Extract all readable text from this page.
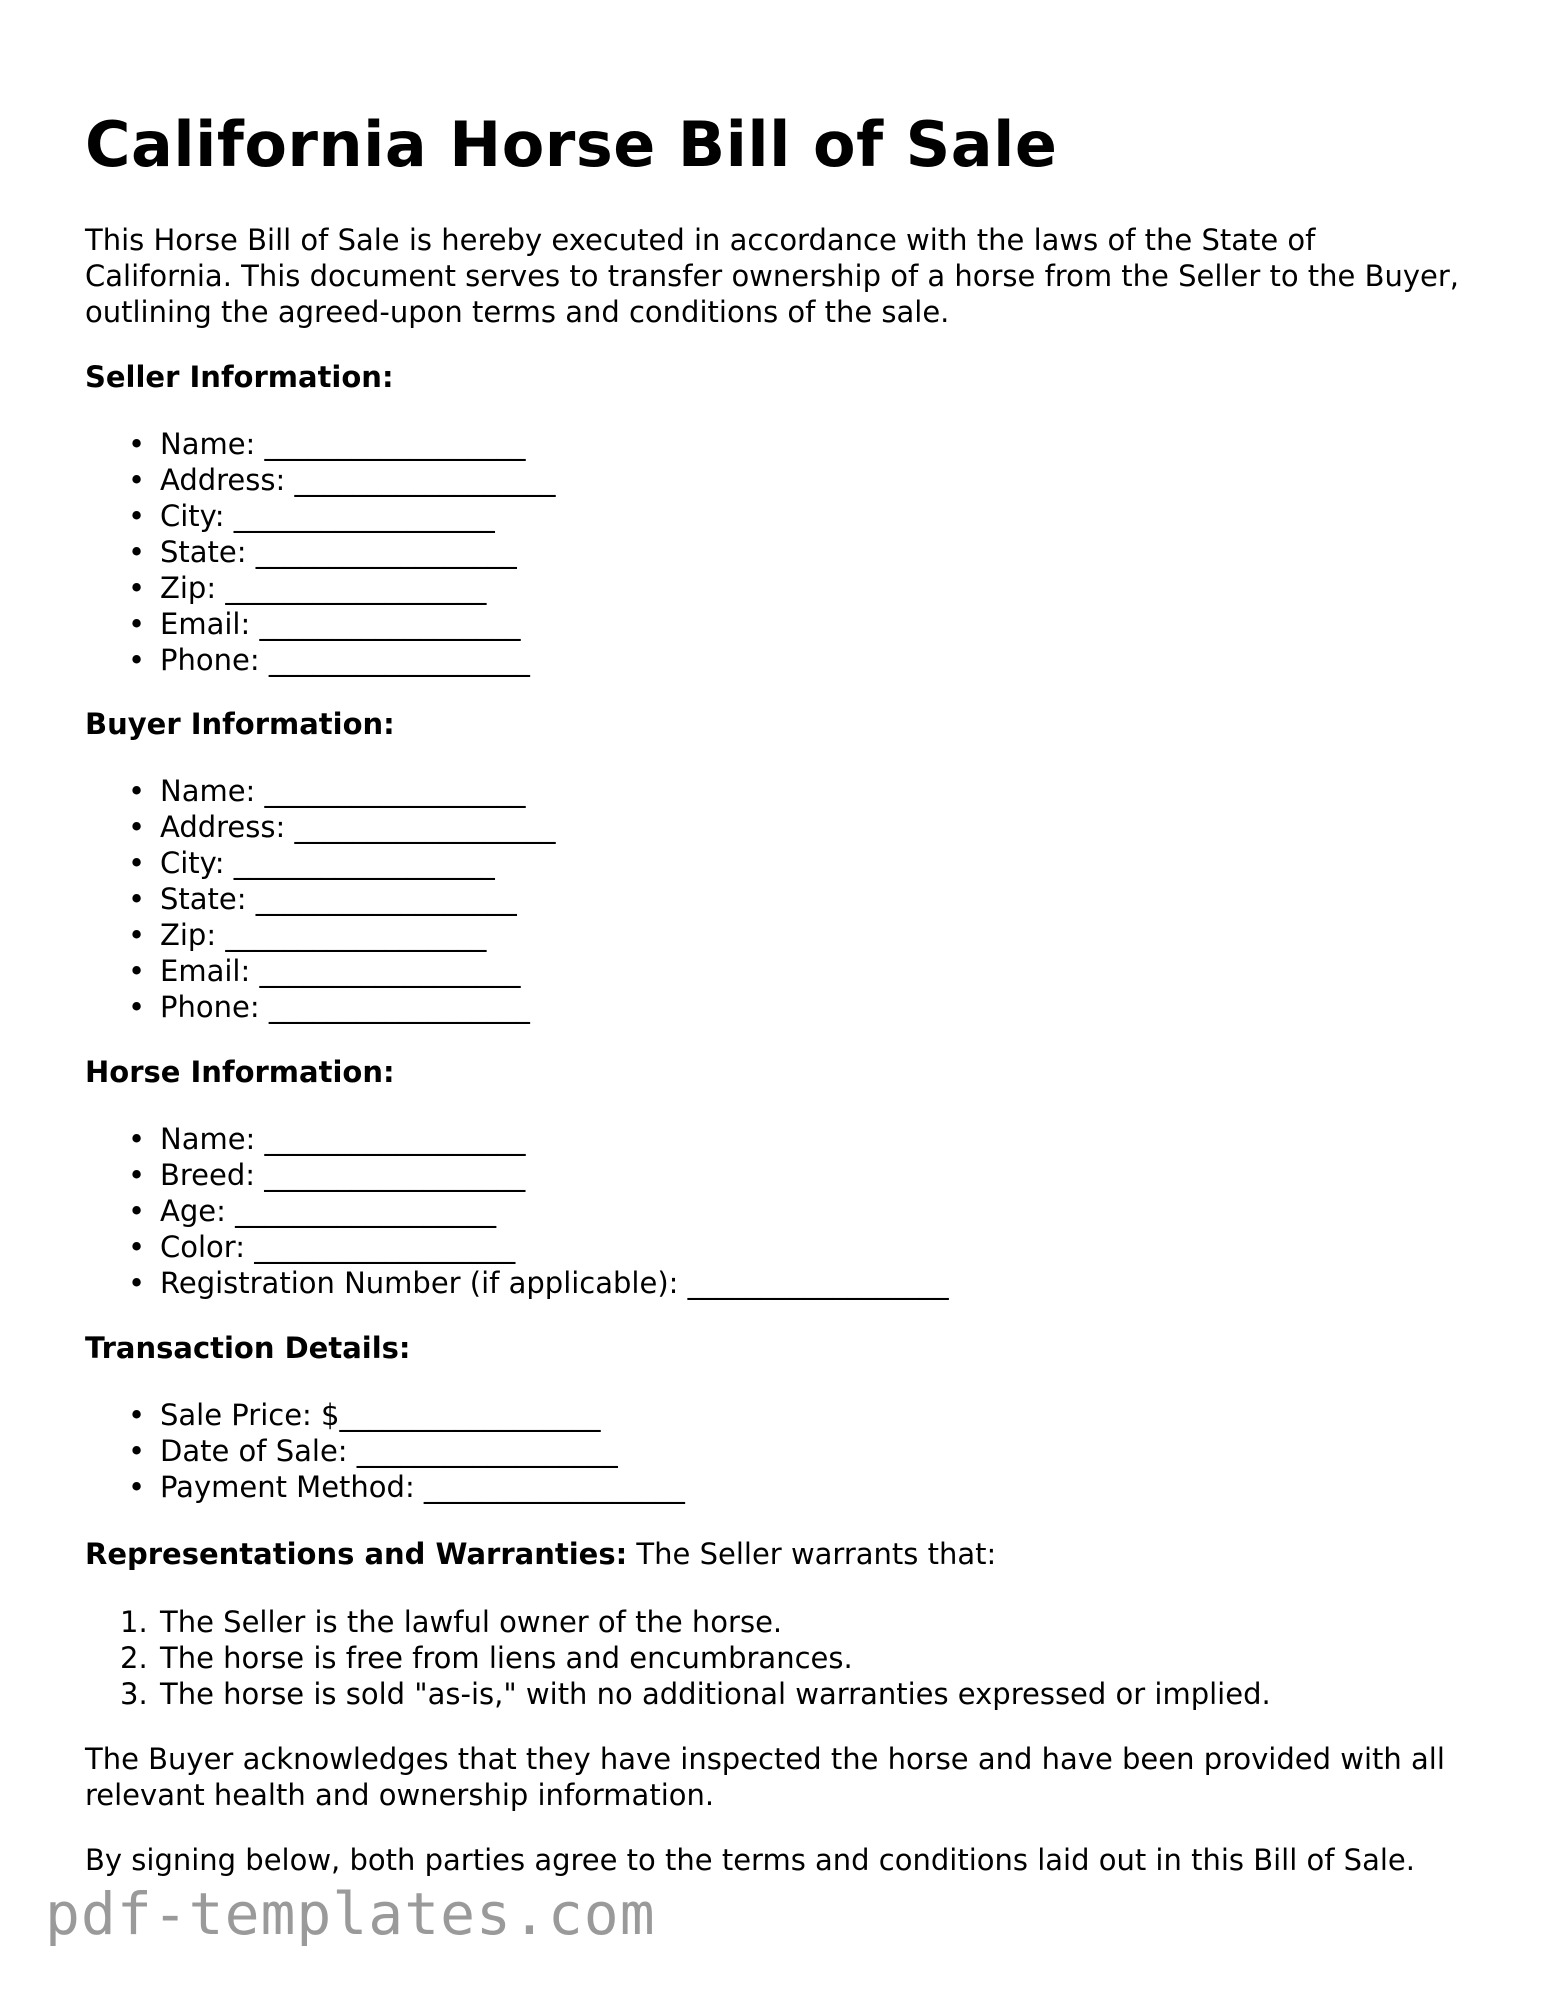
California Horse Bill of Sale

This Horse Bill of Sale is hereby executed in accordance with the laws of the State of California. This document serves to transfer ownership of a horse from the Seller to the Buyer, outlining the agreed-upon terms and conditions of the sale.

Seller Information:

• Name: __________________
• Address: __________________
• City: __________________
• State: __________________
• Zip: __________________
• Email: __________________
• Phone: __________________

Buyer Information:

• Name: __________________
• Address: __________________
• City: __________________
• State: __________________
• Zip: __________________
• Email: __________________
• Phone: __________________

Horse Information:

• Name: __________________
• Breed: __________________
• Age: __________________
• Color: __________________
• Registration Number (if applicable): __________________

Transaction Details:

• Sale Price: $__________________
• Date of Sale: __________________
• Payment Method: __________________

Representations and Warranties: The Seller warrants that:

1. The Seller is the lawful owner of the horse.
2. The horse is free from liens and encumbrances.
3. The horse is sold "as-is," with no additional warranties expressed or implied.

The Buyer acknowledges that they have inspected the horse and have been provided with all relevant health and ownership information.

By signing below, both parties agree to the terms and conditions laid out in this Bill of Sale.

pdf-templates.com
